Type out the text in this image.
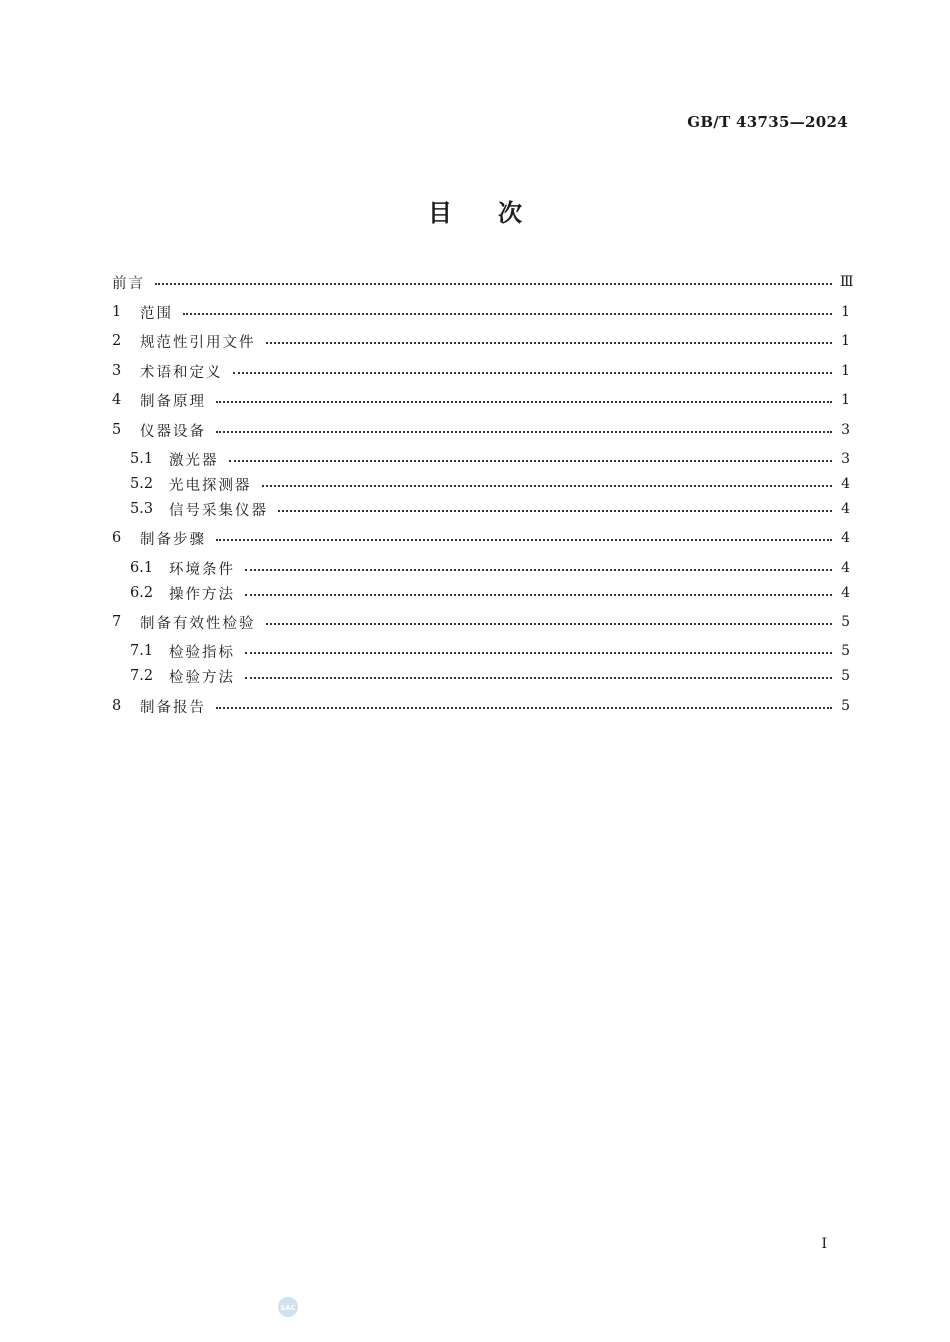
GB/T 43735—2024
目 次
前言	Ⅲ
1	范围	1
2	规范性引用文件	1
3	术语和定义	1
4	制备原理	1
5	仪器设备	3
5.1	激光器	3
5.2	光电探测器	4
5.3	信号采集仪器	4
6	制备步骤	4
6.1	环境条件	4
6.2	操作方法	4
7	制备有效性检验	5
7.1	检验指标	5
7.2	检验方法	5
8	制备报告	5
I
SAC
